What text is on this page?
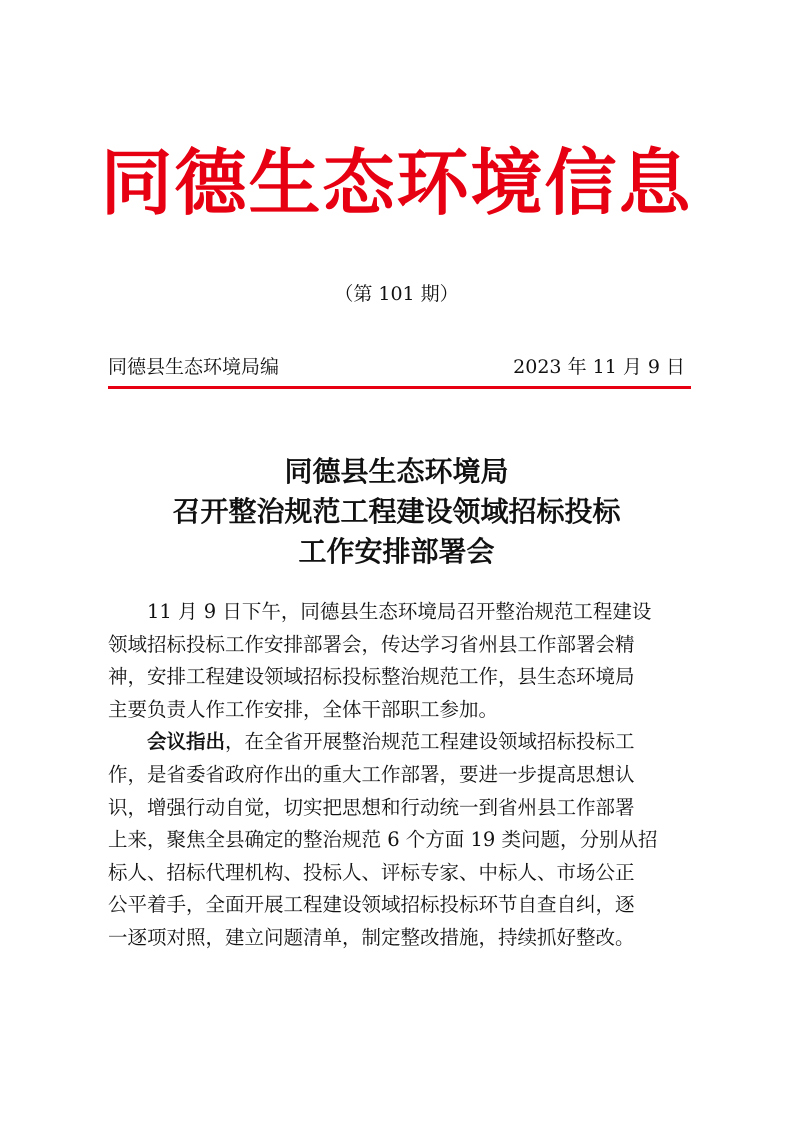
同德生态环境信息
（第 101 期）
同德县生态环境局编	2023 年 11 月 9 日
同德县生态环境局
召开整治规范工程建设领域招标投标
工作安排部署会

11 月 9 日下午，同德县生态环境局召开整治规范工程建设
领域招标投标工作安排部署会，传达学习省州县工作部署会精
神，安排工程建设领域招标投标整治规范工作，县生态环境局
主要负责人作工作安排，全体干部职工参加。

会议指出，在全省开展整治规范工程建设领域招标投标工
作，是省委省政府作出的重大工作部署，要进一步提高思想认
识，增强行动自觉，切实把思想和行动统一到省州县工作部署
上来，聚焦全县确定的整治规范 6 个方面 19 类问题，分别从招
标人、招标代理机构、投标人、评标专家、中标人、市场公正
公平着手，全面开展工程建设领域招标投标环节自查自纠，逐
一逐项对照，建立问题清单，制定整改措施，持续抓好整改。
